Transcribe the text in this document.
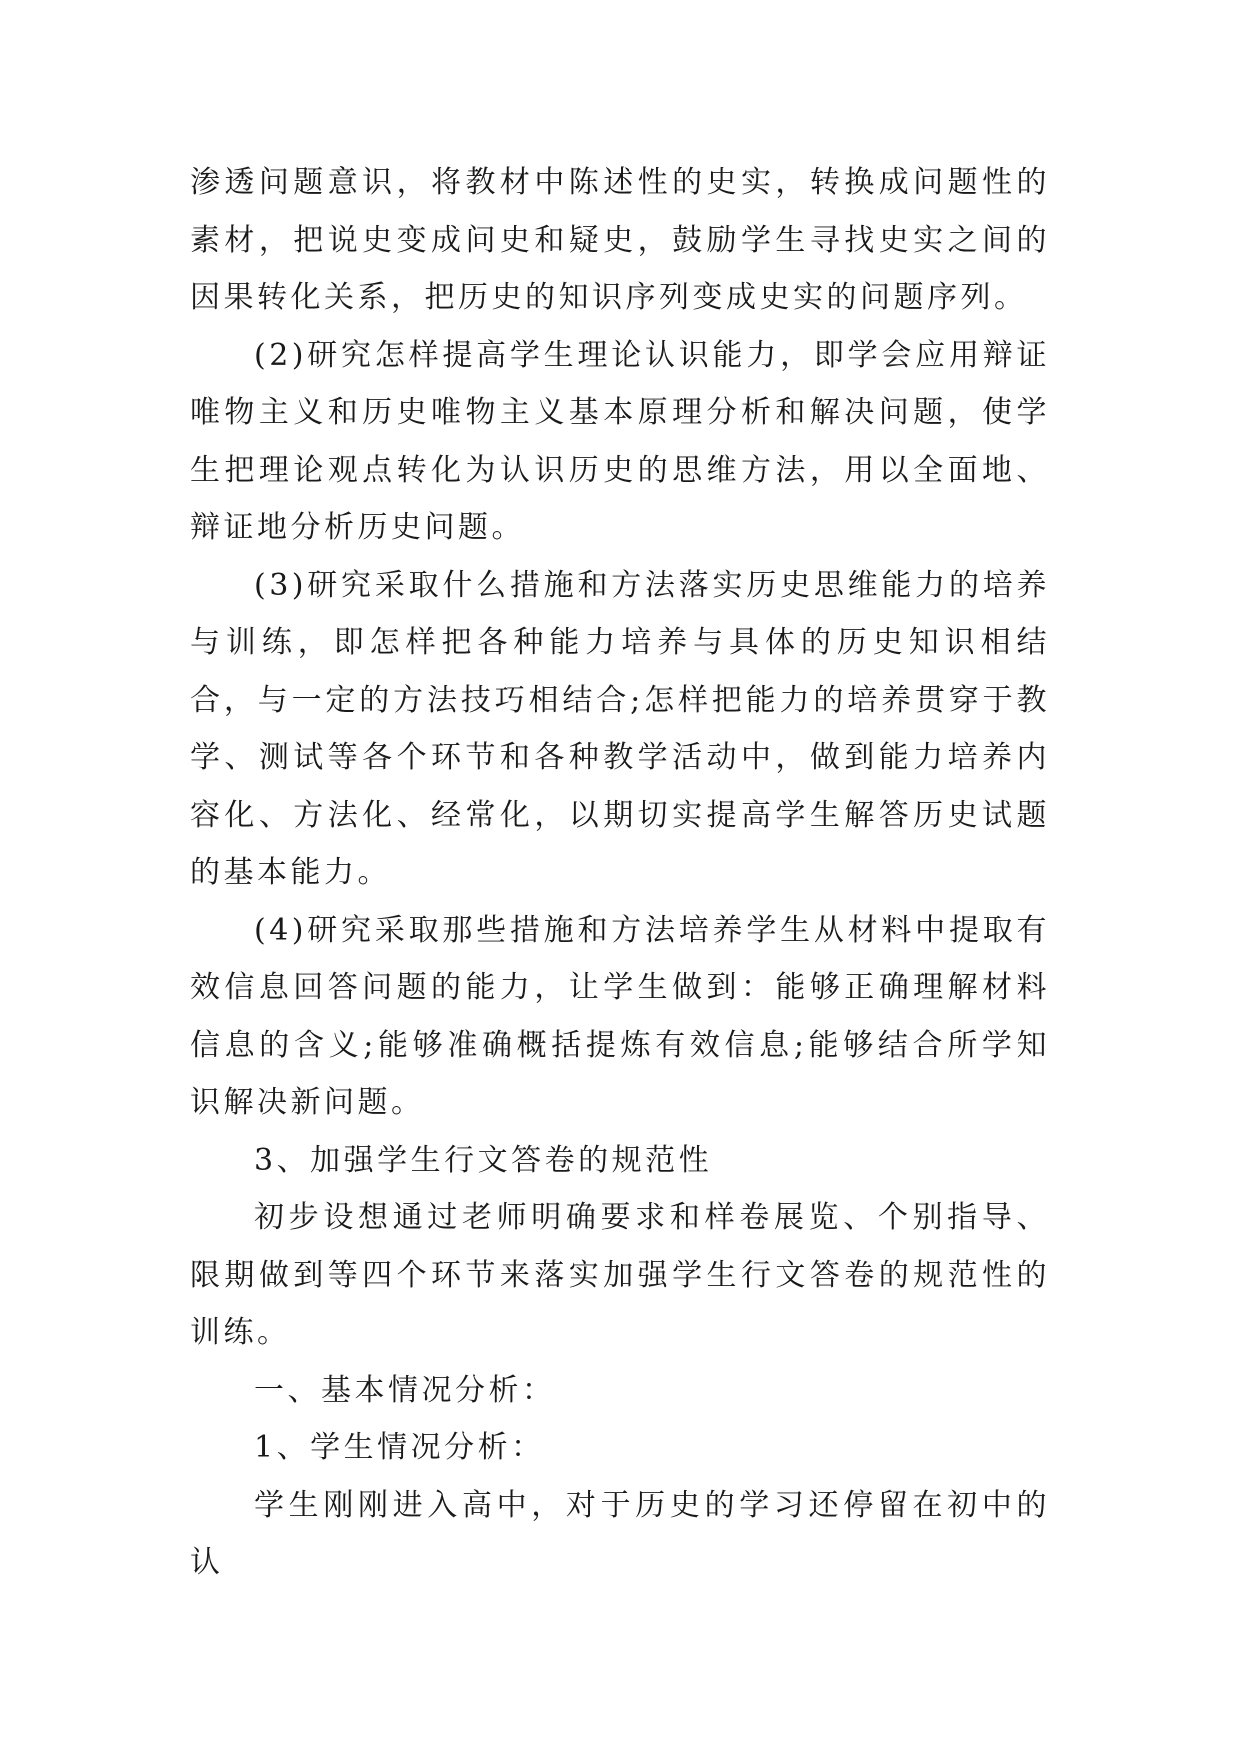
渗透问题意识，将教材中陈述性的史实，转换成问题性的素材，把说史变成问史和疑史，鼓励学生寻找史实之间的因果转化关系，把历史的知识序列变成史实的问题序列。

(2)研究怎样提高学生理论认识能力，即学会应用辩证唯物主义和历史唯物主义基本原理分析和解决问题，使学生把理论观点转化为认识历史的思维方法，用以全面地、辩证地分析历史问题。

(3)研究采取什么措施和方法落实历史思维能力的培养与训练，即怎样把各种能力培养与具体的历史知识相结合，与一定的方法技巧相结合;怎样把能力的培养贯穿于教学、测试等各个环节和各种教学活动中，做到能力培养内容化、方法化、经常化，以期切实提高学生解答历史试题的基本能力。

(4)研究采取那些措施和方法培养学生从材料中提取有效信息回答问题的能力，让学生做到：能够正确理解材料信息的含义;能够准确概括提炼有效信息;能够结合所学知识解决新问题。

3、加强学生行文答卷的规范性

初步设想通过老师明确要求和样卷展览、个别指导、限期做到等四个环节来落实加强学生行文答卷的规范性的训练。

一、基本情况分析：

1、学生情况分析：

学生刚刚进入高中，对于历史的学习还停留在初中的认
